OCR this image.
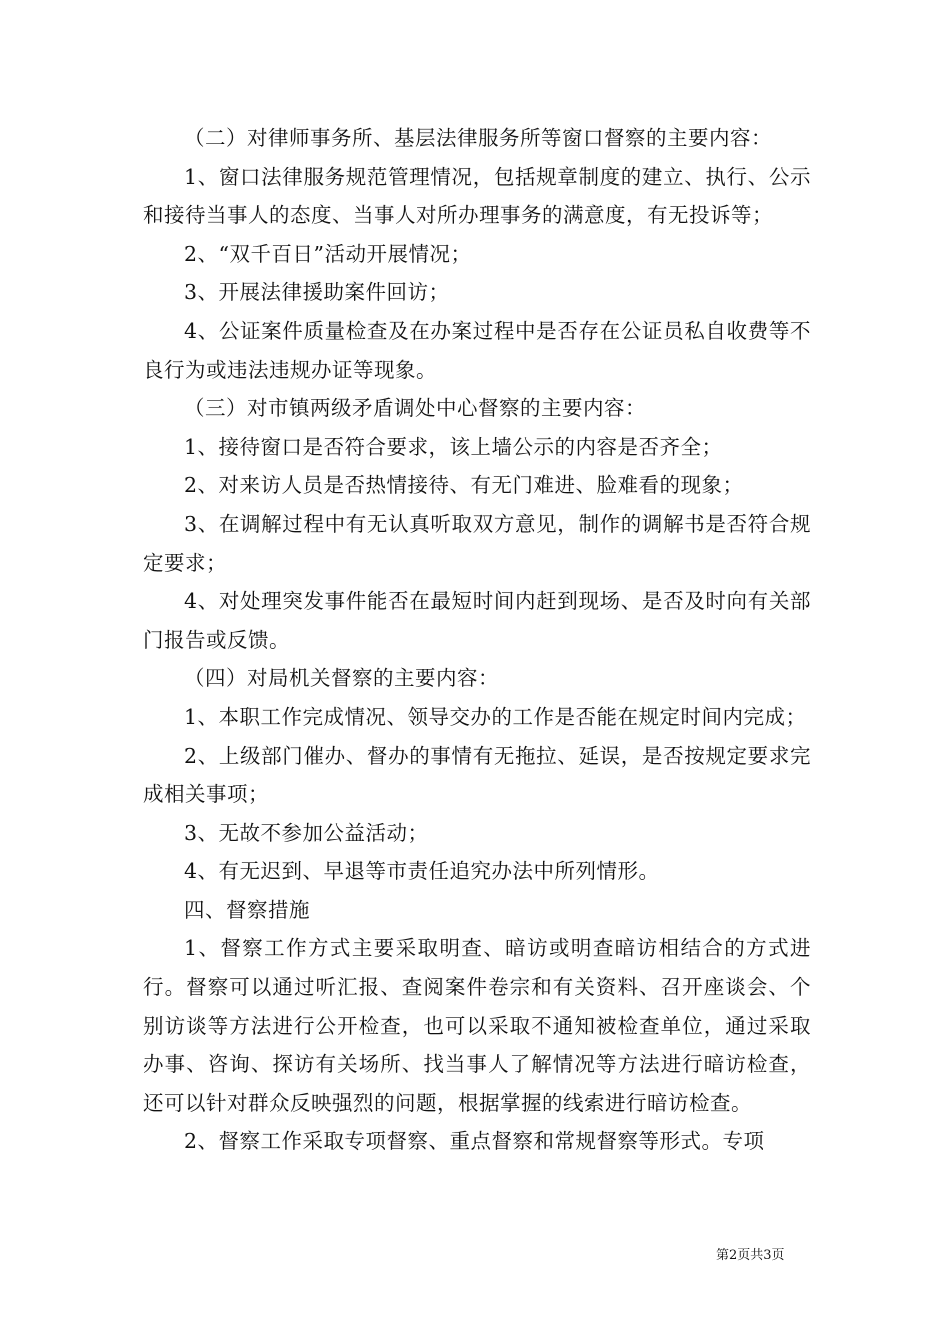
（二）对律师事务所、基层法律服务所等窗口督察的主要内容：

1、窗口法律服务规范管理情况，包括规章制度的建立、执行、公示和接待当事人的态度、当事人对所办理事务的满意度，有无投诉等；

2、“双千百日”活动开展情况；

3、开展法律援助案件回访；

4、公证案件质量检查及在办案过程中是否存在公证员私自收费等不良行为或违法违规办证等现象。

（三）对市镇两级矛盾调处中心督察的主要内容：

1、接待窗口是否符合要求，该上墙公示的内容是否齐全；

2、对来访人员是否热情接待、有无门难进、脸难看的现象；

3、在调解过程中有无认真听取双方意见，制作的调解书是否符合规定要求；

4、对处理突发事件能否在最短时间内赶到现场、是否及时向有关部门报告或反馈。

（四）对局机关督察的主要内容：

1、本职工作完成情况、领导交办的工作是否能在规定时间内完成；

2、上级部门催办、督办的事情有无拖拉、延误，是否按规定要求完成相关事项；

3、无故不参加公益活动；

4、有无迟到、早退等市责任追究办法中所列情形。

四、督察措施

1、督察工作方式主要采取明查、暗访或明查暗访相结合的方式进行。督察可以通过听汇报、查阅案件卷宗和有关资料、召开座谈会、个别访谈等方法进行公开检查，也可以采取不通知被检查单位，通过采取办事、咨询、探访有关场所、找当事人了解情况等方法进行暗访检查，还可以针对群众反映强烈的问题，根据掌握的线索进行暗访检查。

2、督察工作采取专项督察、重点督察和常规督察等形式。专项

第2页共3页
